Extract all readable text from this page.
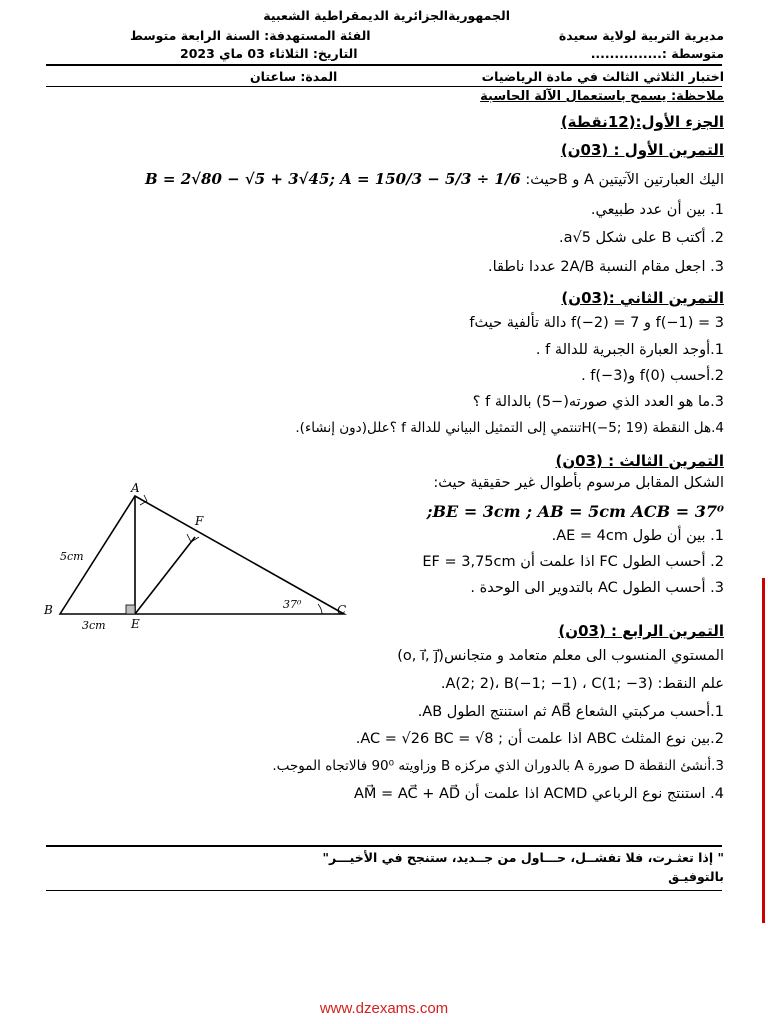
الجمهوريةالجزائرية الديمقراطية الشعبية
مديرية التربية لولاية سعيدة
الفئة المستهدفة: السنة الرابعة متوسط
متوسطة :...............
التاريخ: الثلاثاء 03 ماي 2023
اختبار الثلاثي الثالث في مادة الرياضيات
المدة: ساعتان
ملاحظة: يسمح باستعمال الآلة الحاسبة
الجزء الأول:(12نقطة)
التمرين الأول : (03ن)
اليك العبارتين الآتيتين A و Bحيث: B = 2√80 − √5 + 3√45; A = 150/3 − 5/3 ÷ 1/6
1. بين أن عدد طبيعي.
2. أكتب B على شكل a√5.
3. اجعل مقام النسبة 2A/B عددا ناطقا.
التمرين الثاني :(03ن)
fدالة تألفية حيث f(−2) = 7 و f(−1) = 3
1.أوجد العبارة الجبرية للدالة f .
2.أحسب f(0) وf(−3) .
3.ما هو العدد الذي صورته(−5) بالدالة f ؟
4.هل النقطة H(−5; 19)تنتمي إلى التمثيل البياني للدالة f ؟علل(دون إنشاء).
التمرين الثالث : (03ن)
الشكل المقابل مرسوم بأطوال غير حقيقية حيث:
BE = 3cm ; AB = 5cm ACB = 37⁰;
1. بين أن طول AE = 4cm.
2. أحسب الطول FC اذا علمت أن EF = 3,75cm
3. أحسب الطول AC بالتدوير الى الوحدة .
A
B	C
E
F
5cm
3cm
37⁰
التمرين الرابع : (03ن)
المستوي المنسوب الى معلم متعامد و متجانس(o, i⃗, j⃗)
علم النقط: A(2; 2)، B(−1; −1) ، C(1; −3).
1.أحسب مركبتي الشعاع AB⃗ ثم استنتج الطول AB.
2.بين نوع المثلث ABC اذا علمت أن ; AC = √26 BC = √8.
3.أنشئ النقطة D صورة A بالدوران الذي مركزه B وزاويته 90⁰ فالاتجاه الموجب.
4. استنتج نوع الرباعي ACMD اذا علمت أن AM⃗ = AC⃗ + AD⃗
" إذا تعثـرت، فلا تفشــل، حـــاول من جــديد، ستنجح في الأخيـــر"
بالتوفيـق
www.dzexams.com
